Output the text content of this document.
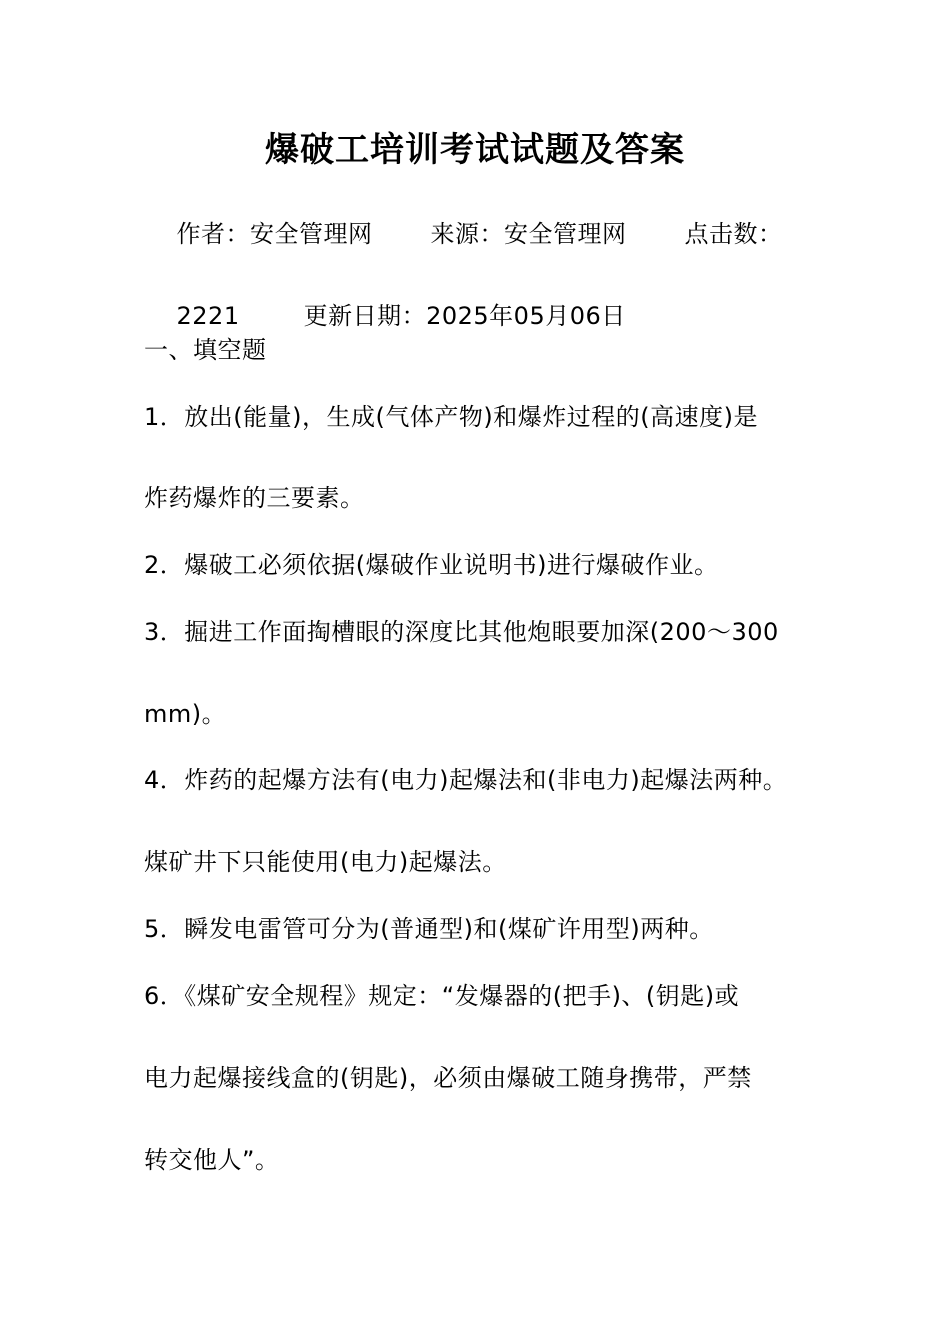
爆破工培训考试试题及答案

作者：安全管理网 来源：安全管理网 点击数：

2221	更新日期：2025年05月06日

一、填空题
1．放出(能量)，生成(气体产物)和爆炸过程的(高速度)是
炸药爆炸的三要素。
2．爆破工必须依据(爆破作业说明书)进行爆破作业。
3．掘进工作面掏槽眼的深度比其他炮眼要加深(200～300
mm)。
4．炸药的起爆方法有(电力)起爆法和(非电力)起爆法两种。
煤矿井下只能使用(电力)起爆法。
5．瞬发电雷管可分为(普通型)和(煤矿许用型)两种。
6．《煤矿安全规程》规定：“发爆器的(把手)、(钥匙)或
电力起爆接线盒的(钥匙)，必须由爆破工随身携带，严禁
转交他人”。
